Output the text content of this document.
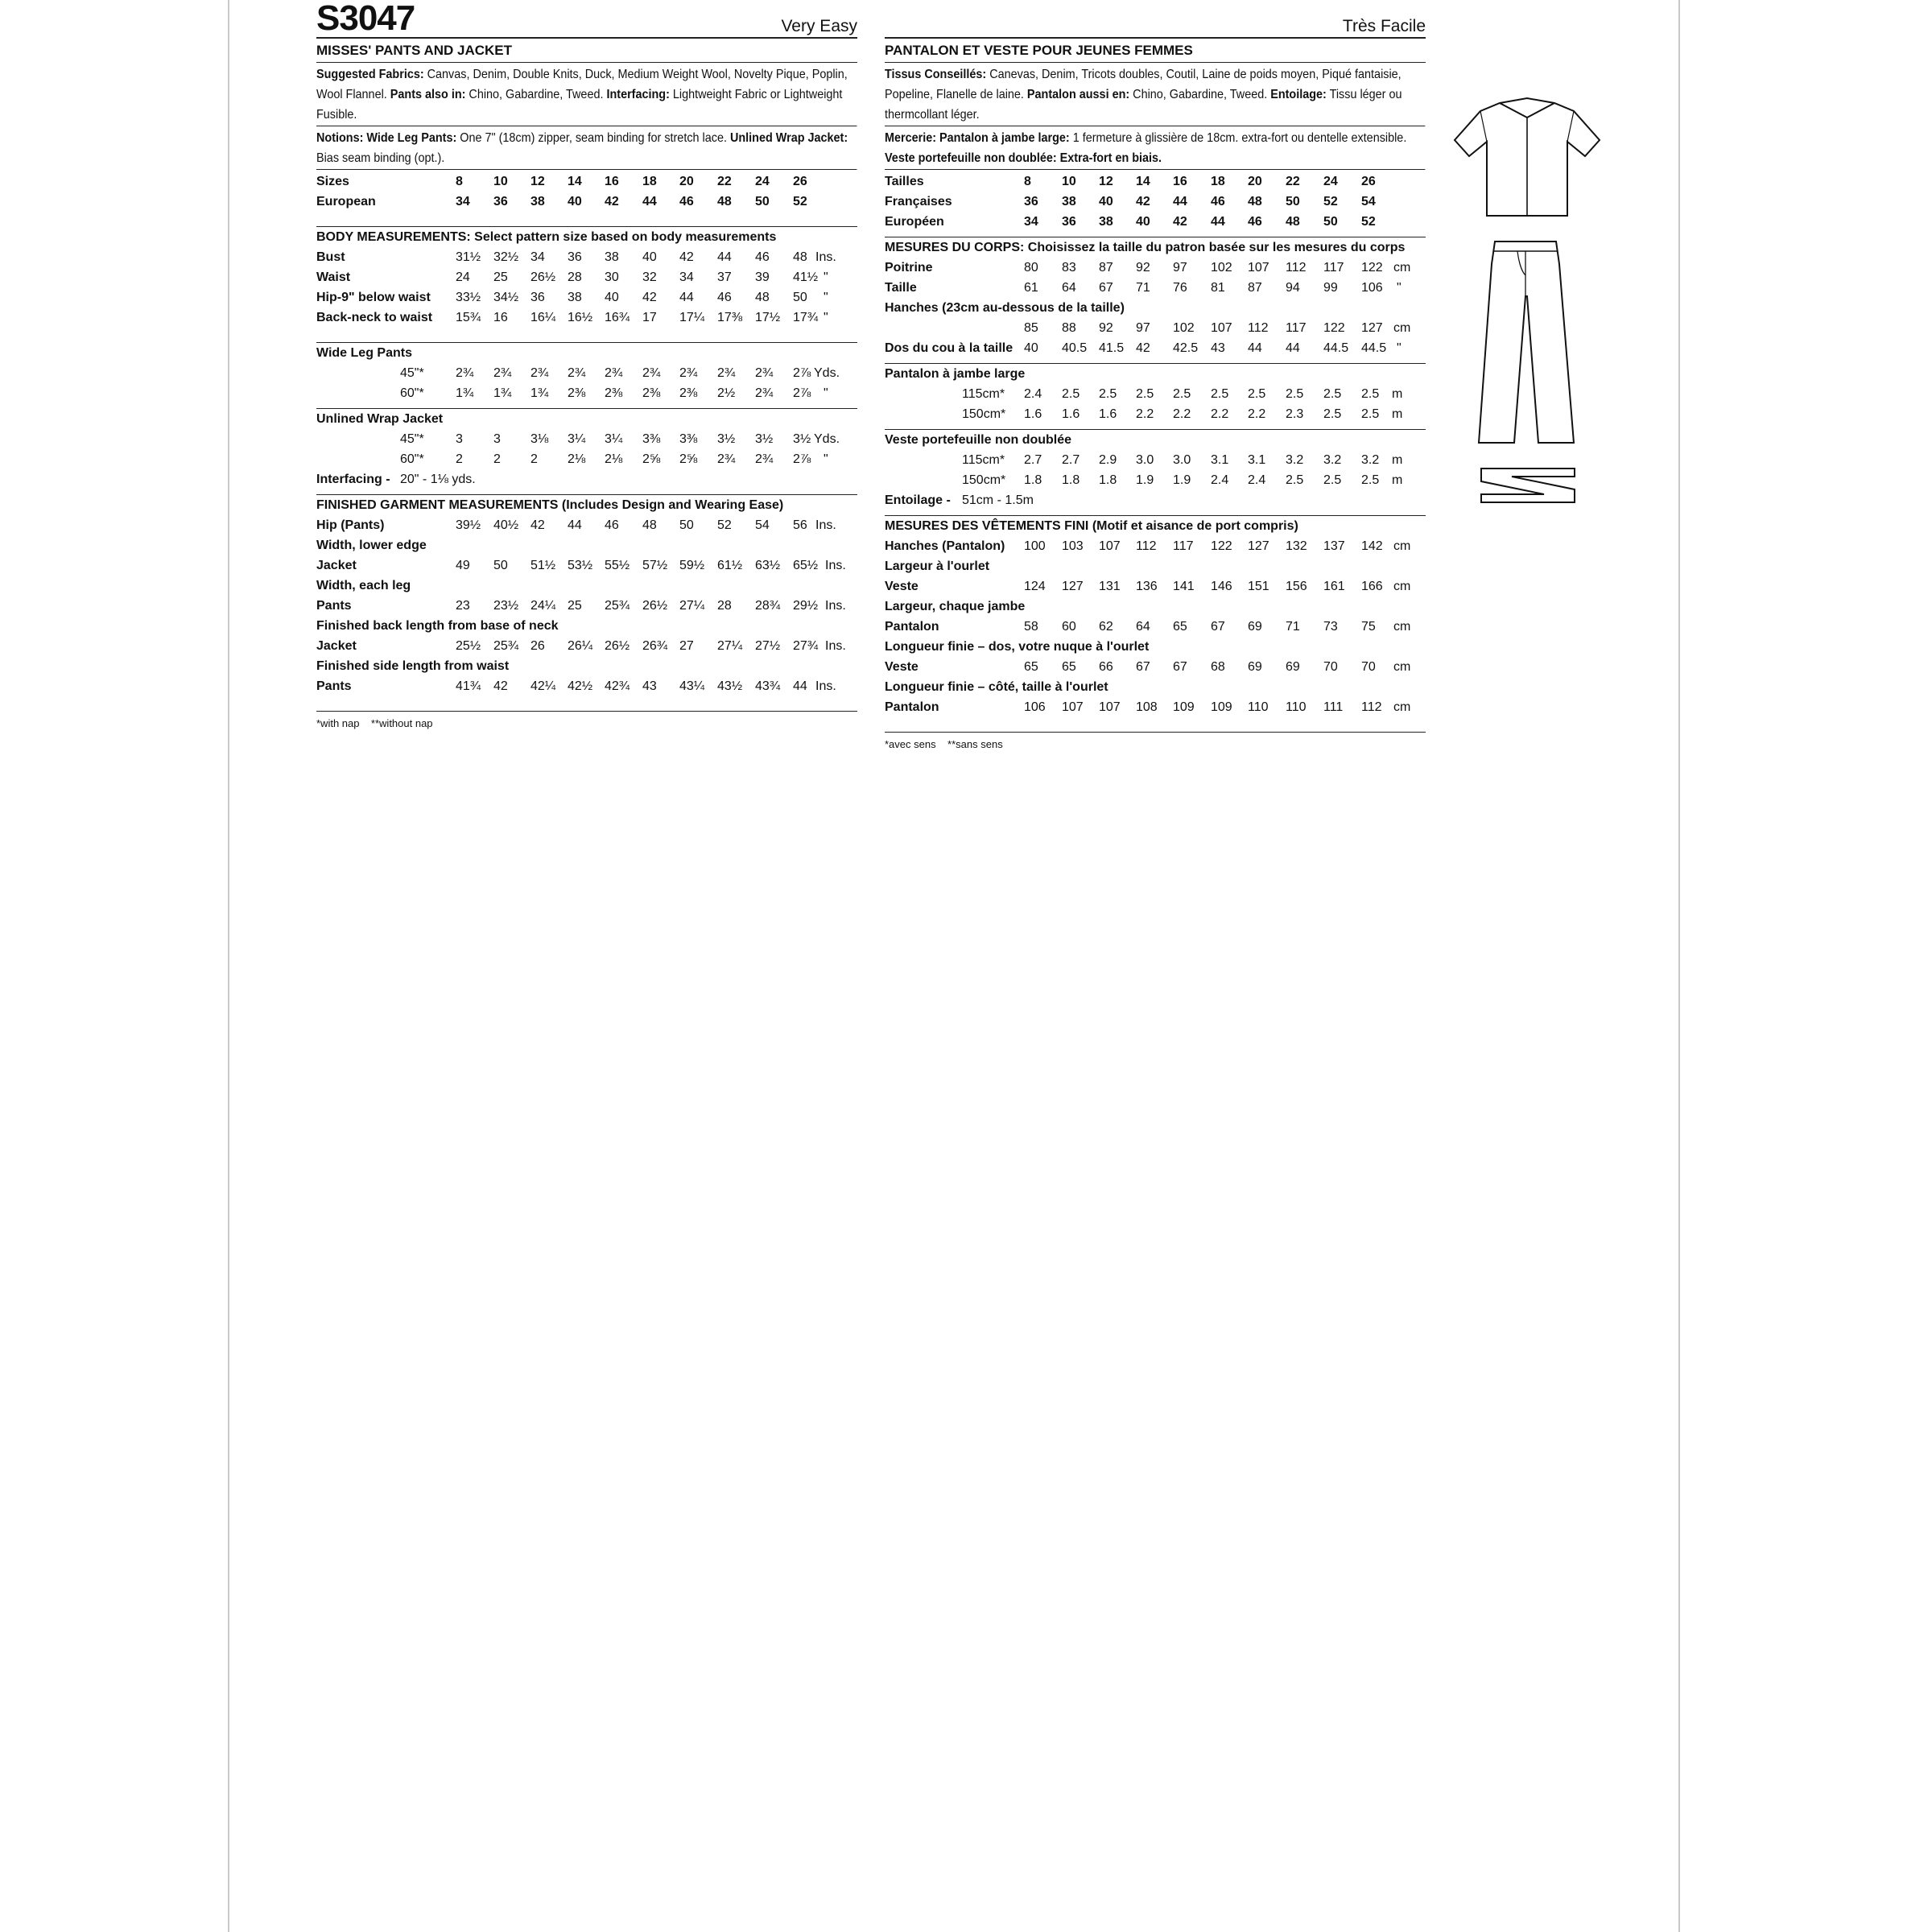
S3047	Very Easy
MISSES' PANTS AND JACKET
Suggested Fabrics: Canvas, Denim, Double Knits, Duck, Medium Weight Wool, Novelty Pique, Poplin, Wool Flannel. Pants also in: Chino, Gabardine, Tweed. Interfacing: Lightweight Fabric or Lightweight Fusible.
Notions: Wide Leg Pants: One 7" (18cm) zipper, seam binding for stretch lace. Unlined Wrap Jacket: Bias seam binding (opt.).
Sizes	8 10 12 14 16 18 20 22 24 26
European	34 36 38 40 42 44 46 48 50 52
BODY MEASUREMENTS: Select pattern size based on body measurements
Bust	31½ 32½ 34 36 38 40 42 44 46 48 Ins.
Waist	24 25 26½ 28 30 32 34 37 39 41½ "
Hip-9" below waist 33½ 34½ 36 38 40 42 44 46 48 50 "
Back-neck to waist 15¾ 16 16¼ 16½ 16¾ 17 17¼ 17⅜ 17½ 17¾ "
Wide Leg Pants
45"* 2¾ 2¾ 2¾ 2¾ 2¾ 2¾ 2¾ 2¾ 2¾ 2⅞ Yds.
60"* 1¾ 1¾ 1¾ 2⅜ 2⅜ 2⅜ 2⅜ 2½ 2¾ 2⅞ "
Unlined Wrap Jacket
45"* 3 3 3⅛ 3¼ 3¼ 3⅜ 3⅜ 3½ 3½ 3½ Yds.
60"* 2 2 2 2⅛ 2⅛ 2⅝ 2⅝ 2¾ 2¾ 2⅞ "
Interfacing - 20" - 1⅛ yds.
FINISHED GARMENT MEASUREMENTS (Includes Design and Wearing Ease)
Hip (Pants)	39½ 40½ 42 44 46 48 50 52 54 56 Ins.
Width, lower edge
Jacket	49 50 51½ 53½ 55½ 57½ 59½ 61½ 63½ 65½ Ins.
Width, each leg
Pants	23 23½ 24¼ 25 25¾ 26½ 27¼ 28 28¾ 29½ Ins.
Finished back length from base of neck
Jacket	25½ 25¾ 26 26¼ 26½ 26¾ 27 27¼ 27½ 27¾ Ins.
Finished side length from waist
Pants	41¾ 42 42¼ 42½ 42¾ 43 43¼ 43½ 43¾ 44 Ins.
*with nap    **without nap
Très Facile
PANTALON ET VESTE POUR JEUNES FEMMES
Tissus Conseillés: Canevas, Denim, Tricots doubles, Coutil, Laine de poids moyen, Piqué fantaisie, Popeline, Flanelle de laine. Pantalon aussi en: Chino, Gabardine, Tweed. Entoilage: Tissu léger ou thermcollant léger.
Mercerie: Pantalon à jambe large: 1 fermeture à glissière de 18cm. extra-fort ou dentelle extensible. Veste portefeuille non doublée: Extra-fort en biais.
Tailles	8 10 12 14 16 18 20 22 24 26
Françaises	36 38 40 42 44 46 48 50 52 54
Européen	34 36 38 40 42 44 46 48 50 52
MESURES DU CORPS: Choisissez la taille du patron basée sur les mesures du corps
Poitrine	80 83 87 92 97 102 107 112 117 122 cm
Taille	61 64 67 71 76 81 87 94 99 106 "
Hanches (23cm au-dessous de la taille)
85 88 92 97 102 107 112 117 122 127 cm
Dos du cou à la taille 40 40.5 41.5 42 42.5 43 44 44 44.5 44.5 "
Pantalon à jambe large
115cm* 2.4 2.5 2.5 2.5 2.5 2.5 2.5 2.5 2.5 2.5 m
150cm* 1.6 1.6 1.6 2.2 2.2 2.2 2.2 2.3 2.5 2.5 m
Veste portefeuille non doublée
115cm* 2.7 2.7 2.9 3.0 3.0 3.1 3.1 3.2 3.2 3.2 m
150cm* 1.8 1.8 1.8 1.9 1.9 2.4 2.4 2.5 2.5 2.5 m
Entoilage - 51cm - 1.5m
MESURES DES VÊTEMENTS FINI (Motif et aisance de port compris)
Hanches (Pantalon) 100 103 107 112 117 122 127 132 137 142 cm
Largeur à l'ourlet
Veste	124 127 131 136 141 146 151 156 161 166 cm
Largeur, chaque jambe
Pantalon	58 60 62 64 65 67 69 71 73 75 cm
Longueur finie – dos, votre nuque à l'ourlet
Veste	65 65 66 67 67 68 69 69 70 70 cm
Longueur finie – côté, taille à l'ourlet
Pantalon	106 107 107 108 109 109 110 110 111 112 cm
*avec sens    **sans sens
